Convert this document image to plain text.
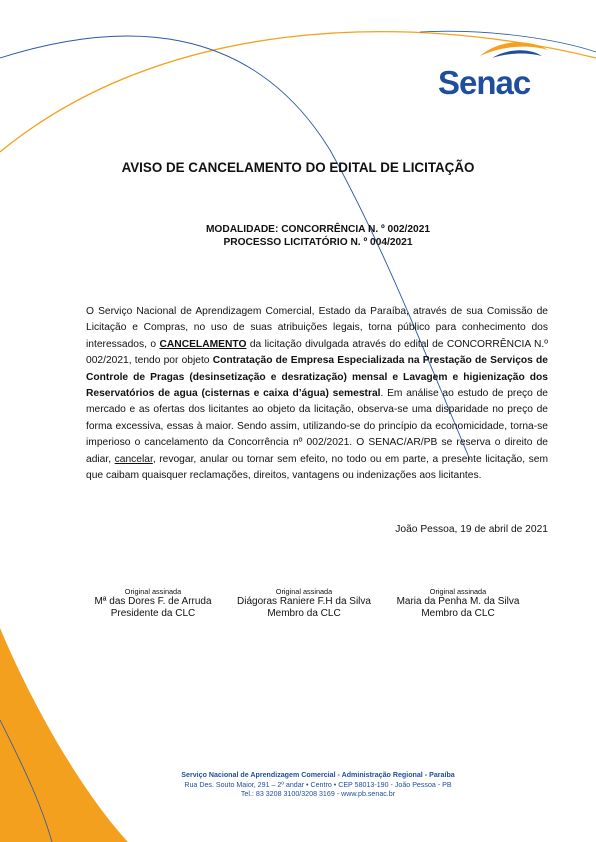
Senac
AVISO DE CANCELAMENTO DO EDITAL DE LICITAÇÃO
MODALIDADE: CONCORRÊNCIA N. º 002/2021
PROCESSO LICITATÓRIO N. º 004/2021
O Serviço Nacional de Aprendizagem Comercial, Estado da Paraíba, através de sua Comissão de Licitação e Compras, no uso de suas atribuições legais, torna público para conhecimento dos interessados, o CANCELAMENTO da licitação divulgada através do edital de CONCORRÊNCIA N.º 002/2021, tendo por objeto Contratação de Empresa Especializada na Prestação de Serviços de Controle de Pragas (desinsetização e desratização) mensal e Lavagem e higienização dos Reservatórios de agua (cisternas e caixa d’água) semestral. Em análise ao estudo de preço de mercado e as ofertas dos licitantes ao objeto da licitação, observa-se uma disparidade no preço de forma excessiva, essas à maior. Sendo assim, utilizando-se do princípio da economicidade, torna-se imperioso o cancelamento da Concorrência nº 002/2021. O SENAC/AR/PB se reserva o direito de adiar, cancelar, revogar, anular ou tornar sem efeito, no todo ou em parte, a presente licitação, sem que caibam quaisquer reclamações, direitos, vantagens ou indenizações aos licitantes.
João Pessoa, 19 de abril de 2021
Original assinada
Mª das Dores F. de Arruda
Presidente da CLC
Original assinada
Diágoras Raniere F.H da Silva
Membro da CLC
Original assinada
Maria da Penha M. da Silva
Membro da CLC
Serviço Nacional de Aprendizagem Comercial - Administração Regional - Paraíba
Rua Des. Souto Maior, 291 – 2º andar • Centro • CEP 58013-190 - João Pessoa - PB
Tel.: 83 3208 3100/3208 3169 - www.pb.senac.br
